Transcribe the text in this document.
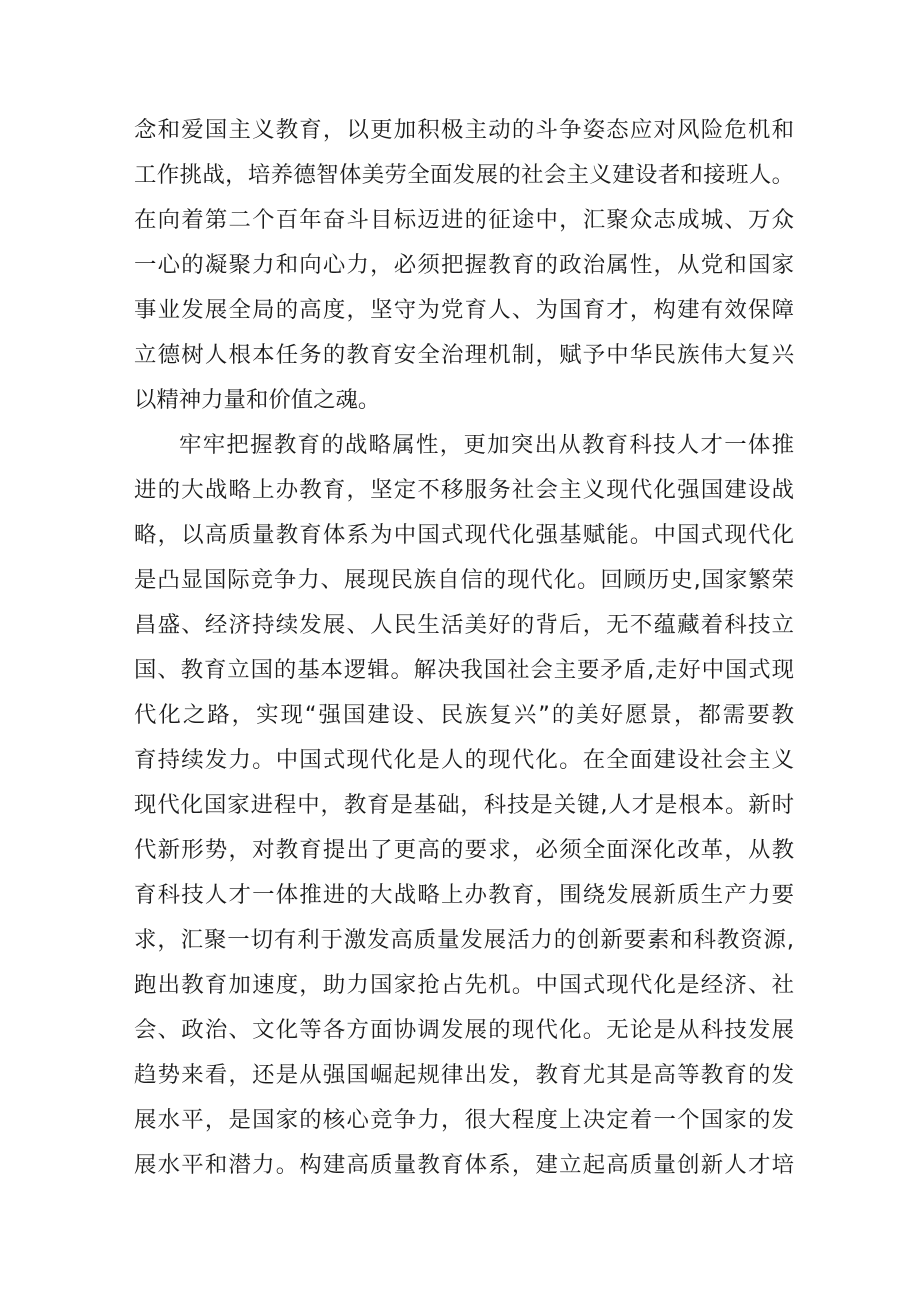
念和爱国主义教育，以更加积极主动的斗争姿态应对风险危机和
工作挑战，培养德智体美劳全面发展的社会主义建设者和接班人。
在向着第二个百年奋斗目标迈进的征途中，汇聚众志成城、万众
一心的凝聚力和向心力，必须把握教育的政治属性，从党和国家
事业发展全局的高度，坚守为党育人、为国育才，构建有效保障
立德树人根本任务的教育安全治理机制，赋予中华民族伟大复兴
以精神力量和价值之魂。
牢牢把握教育的战略属性，更加突出从教育科技人才一体推
进的大战略上办教育，坚定不移服务社会主义现代化强国建设战
略，以高质量教育体系为中国式现代化强基赋能。中国式现代化
是凸显国际竞争力、展现民族自信的现代化。回顾历史,国家繁荣
昌盛、经济持续发展、人民生活美好的背后，无不蕴藏着科技立
国、教育立国的基本逻辑。解决我国社会主要矛盾,走好中国式现
代化之路，实现“强国建设、民族复兴”的美好愿景，都需要教
育持续发力。中国式现代化是人的现代化。在全面建设社会主义
现代化国家进程中，教育是基础，科技是关键,人才是根本。新时
代新形势，对教育提出了更高的要求，必须全面深化改革，从教
育科技人才一体推进的大战略上办教育，围绕发展新质生产力要
求，汇聚一切有利于激发高质量发展活力的创新要素和科教资源,
跑出教育加速度，助力国家抢占先机。中国式现代化是经济、社
会、政治、文化等各方面协调发展的现代化。无论是从科技发展
趋势来看，还是从强国崛起规律出发，教育尤其是高等教育的发
展水平，是国家的核心竞争力，很大程度上决定着一个国家的发
展水平和潜力。构建高质量教育体系，建立起高质量创新人才培
